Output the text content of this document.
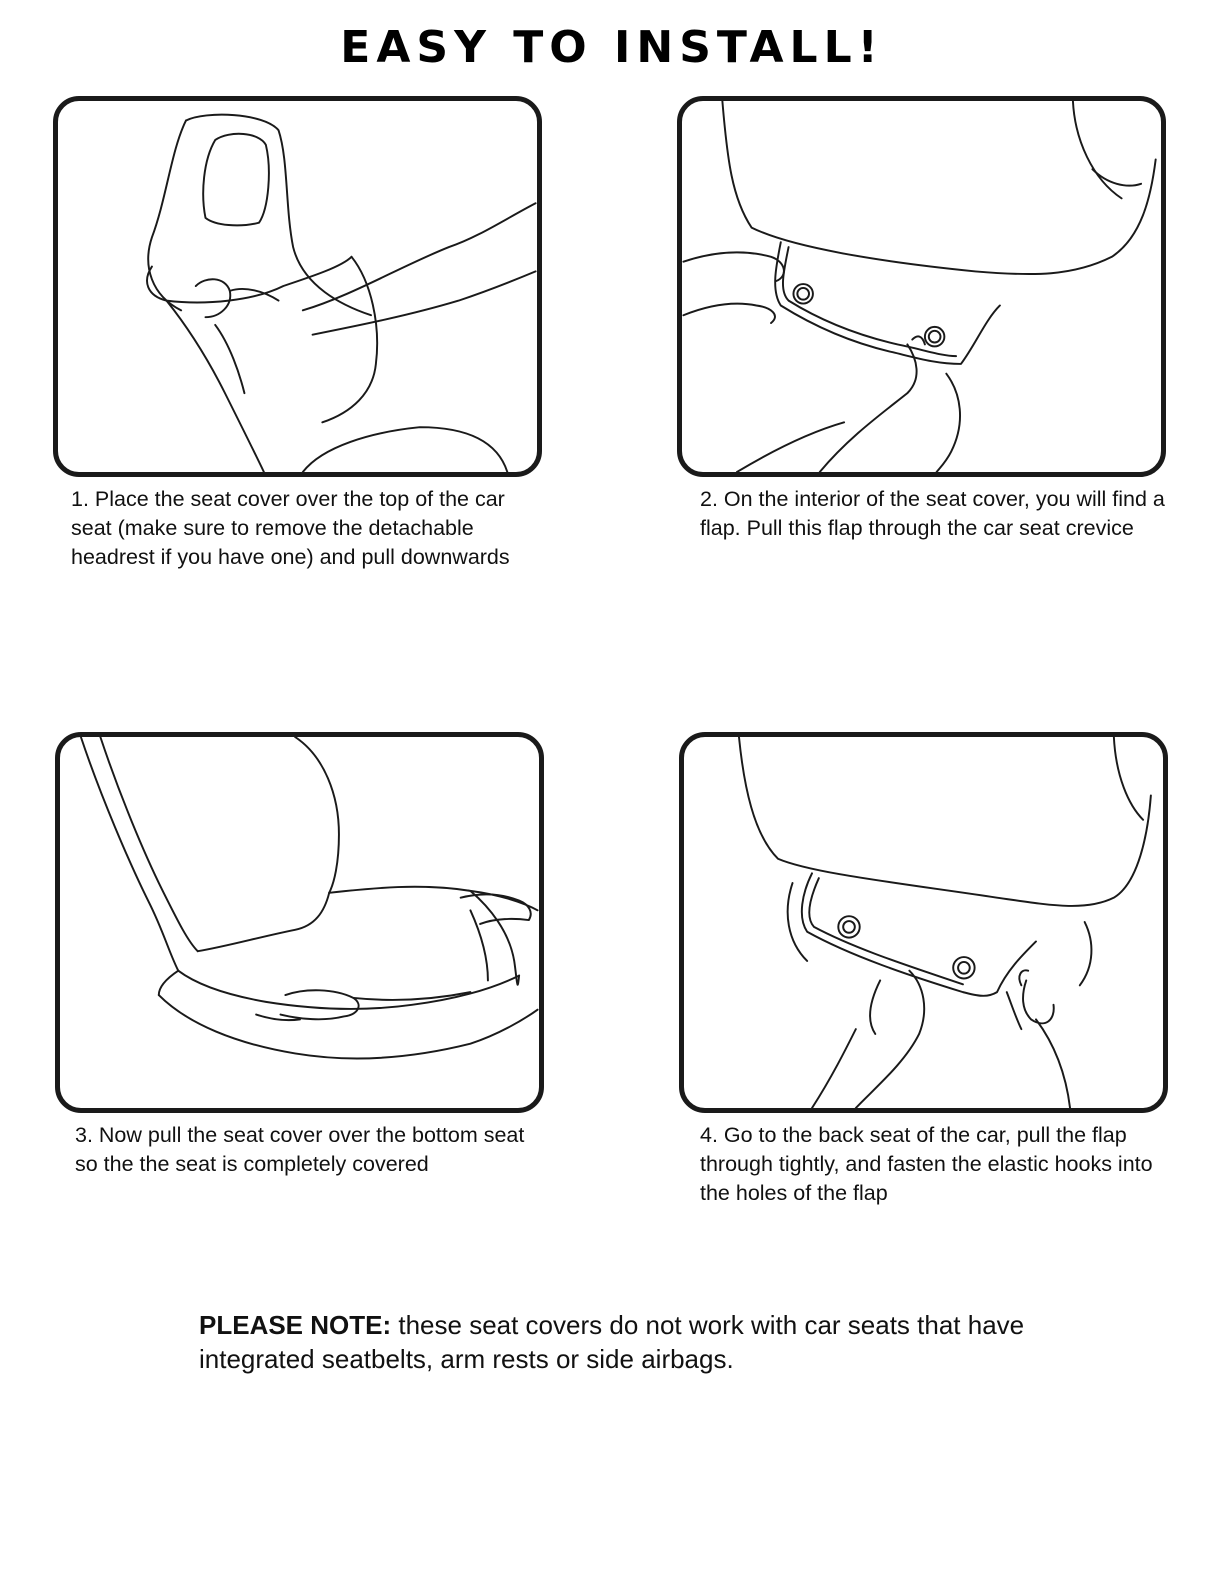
EASY TO INSTALL!

1. Place the seat cover over the top of the car seat (make sure to remove the detachable headrest if you have one) and pull downwards

2. On the interior of the seat cover, you will find a flap. Pull this flap through the car seat crevice

3. Now pull the seat cover over the bottom seat so the the seat is completely covered

4. Go to the back seat of the car, pull the flap through tightly, and fasten the elastic hooks into the holes of the flap

PLEASE NOTE: these seat covers do not work with car seats that have integrated seatbelts, arm rests or side airbags.
